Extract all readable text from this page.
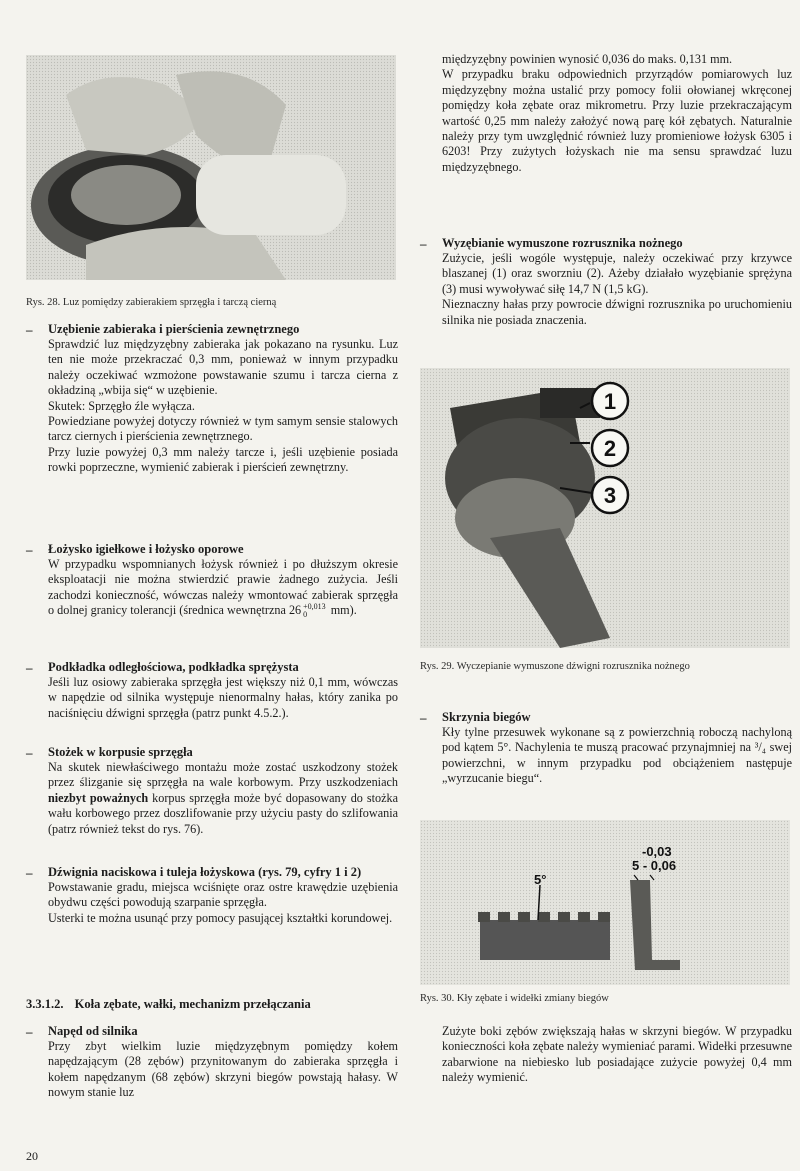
Rys. 28. Luz pomiędzy zabierakiem sprzęgła i tarczą cierną
– Uzębienie zabieraka i pierścienia zewnętrznego

Sprawdzić luz międzyzębny zabieraka jak pokazano na rysunku. Luz ten nie może przekraczać 0,3 mm, ponieważ w innym przypadku należy oczekiwać wzmożone powstawanie szumu i tarcza cierna z okładziną „wbija się“ w uzębienie.

Skutek: Sprzęgło źle wyłącza.

Powiedziane powyżej dotyczy również w tym samym sensie stalowych tarcz ciernych i pierścienia zewnętrznego.

Przy luzie powyżej 0,3 mm należy tarcze i, jeśli uzębienie posiada rowki poprzeczne, wymienić zabierak i pierścień zewnętrzny.

– Łożysko igiełkowe i łożysko oporowe

W przypadku wspomnianych łożysk również i po dłuższym okresie eksploatacji nie można stwierdzić prawie żadnego zużycia. Jeśli zachodzi konieczność, wówczas należy wmontować zabierak sprzęgła o dolnej granicy tolerancji (średnica wewnętrzna 26 +0,013
0	mm).

– Podkładka odległościowa, podkładka sprężysta

Jeśli luz osiowy zabieraka sprzęgła jest większy niż 0,1 mm, wówczas w napędzie od silnika występuje nienormalny hałas, który zanika po naciśnięciu dźwigni sprzęgła (patrz punkt 4.5.2.).

– Stożek w korpusie sprzęgła

Na skutek niewłaściwego montażu może zostać uszkodzony stożek przez ślizganie się sprzęgła na wale korbowym. Przy uszkodzeniach niezbyt poważnych korpus sprzęgła może być dopasowany do stożka wału korbowego przez doszlifowanie przy użyciu pasty do szlifowania (patrz również tekst do rys. 76).

– Dźwignia naciskowa i tuleja łożyskowa (rys. 79, cyfry 1 i 2)

Powstawanie gradu, miejsca wciśnięte oraz ostre krawędzie uzębienia obydwu części powodują szarpanie sprzęgła.

Usterki te można usunąć przy pomocy pasującej kształtki korundowej.

3.3.1.2. Koła zębate, wałki, mechanizm przełączania
– Napęd od silnika

Przy zbyt wielkim luzie międzyzębnym pomiędzy kołem napędzającym (28 zębów) przynitowanym do zabieraka sprzęgła i kołem napędzanym (68 zębów) skrzyni biegów powstają hałasy. W nowym stanie luz

20

międzyzębny powinien wynosić 0,036 do maks. 0,131 mm.

W przypadku braku odpowiednich przyrządów pomiarowych luz międzyzębny można ustalić przy pomocy folii ołowianej wkręconej pomiędzy koła zębate oraz mikrometru. Przy luzie przekraczającym wartość 0,25 mm należy założyć nową parę kół zębatych. Naturalnie należy przy tym uwzględnić również luzy promieniowe łożysk 6305 i 6203! Przy zużytych łożyskach nie ma sensu sprawdzać luzu międzyzębnego.

– Wyzębianie wymuszone rozrusznika nożnego

Zużycie, jeśli wogóle występuje, należy oczekiwać przy krzywce blaszanej (1) oraz sworzniu (2). Ażeby działało wyzębianie sprężyna (3) musi wywoływać siłę 14,7 N (1,5 kG).

Nieznaczny hałas przy powrocie dźwigni rozrusznika po uruchomieniu silnika nie posiada znaczenia.

1
2
3
Rys. 29. Wyczepianie wymuszone dźwigni rozrusznika nożnego
– Skrzynia biegów

Kły tylne przesuwek wykonane są z powierzchnią roboczą nachyloną pod kątem 5°. Nachylenia te muszą pracować przynajmniej na ³/₄ swej powierzchni, w innym przypadku pod obciążeniem następuje „wyrzucanie biegu“.

5°
-0,03
5 - 0,06
Rys. 30. Kły zębate i widełki zmiany biegów

Zużyte boki zębów zwiększają hałas w skrzyni biegów. W przypadku konieczności koła zębate należy wymieniać parami. Widełki przesuwne zabarwione na niebiesko lub posiadające zużycie powyżej 0,4 mm należy wymienić.
